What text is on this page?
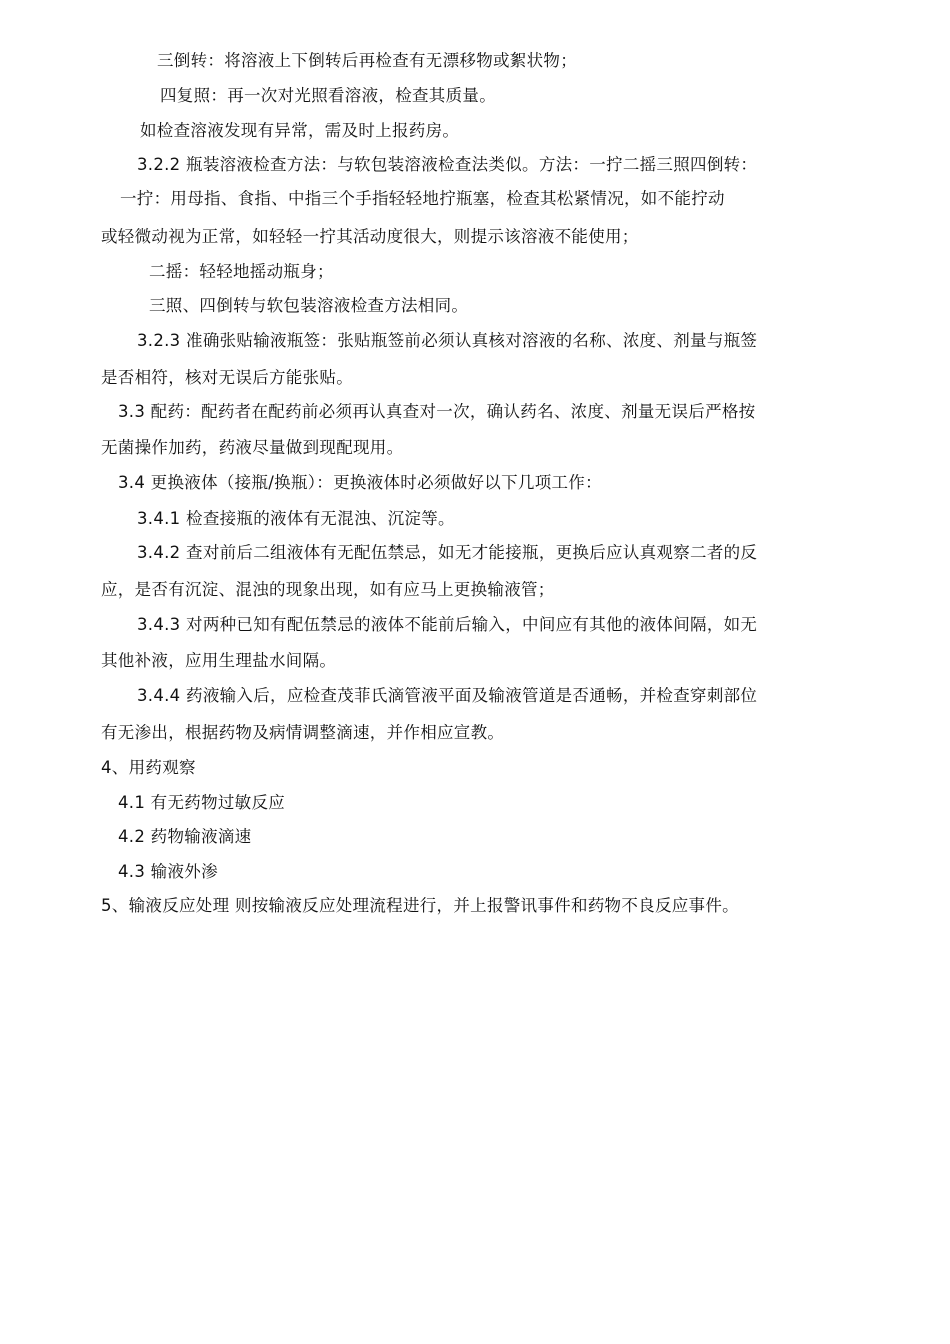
三倒转：将溶液上下倒转后再检查有无漂移物或絮状物；
四复照：再一次对光照看溶液，检查其质量。
如检查溶液发现有异常，需及时上报药房。
3.2.2 瓶装溶液检查方法：与软包装溶液检查法类似。方法：一拧二摇三照四倒转：
一拧：用母指、食指、中指三个手指轻轻地拧瓶塞，检查其松紧情况，如不能拧动
或轻微动视为正常，如轻轻一拧其活动度很大，则提示该溶液不能使用；
二摇：轻轻地摇动瓶身；
三照、四倒转与软包装溶液检查方法相同。
3.2.3 准确张贴输液瓶签：张贴瓶签前必须认真核对溶液的名称、浓度、剂量与瓶签
是否相符，核对无误后方能张贴。
3.3 配药：配药者在配药前必须再认真查对一次，确认药名、浓度、剂量无误后严格按
无菌操作加药，药液尽量做到现配现用。
3.4 更换液体（接瓶/换瓶）：更换液体时必须做好以下几项工作：
3.4.1 检查接瓶的液体有无混浊、沉淀等。
3.4.2 查对前后二组液体有无配伍禁忌，如无才能接瓶，更换后应认真观察二者的反
应，是否有沉淀、混浊的现象出现，如有应马上更换输液管；
3.4.3 对两种已知有配伍禁忌的液体不能前后输入，中间应有其他的液体间隔，如无
其他补液，应用生理盐水间隔。
3.4.4 药液输入后，应检查茂菲氏滴管液平面及输液管道是否通畅，并检查穿刺部位
有无渗出，根据药物及病情调整滴速，并作相应宣教。
4、用药观察
4.1 有无药物过敏反应
4.2 药物输液滴速
4.3 输液外渗
5、输液反应处理 则按输液反应处理流程进行，并上报警讯事件和药物不良反应事件。
